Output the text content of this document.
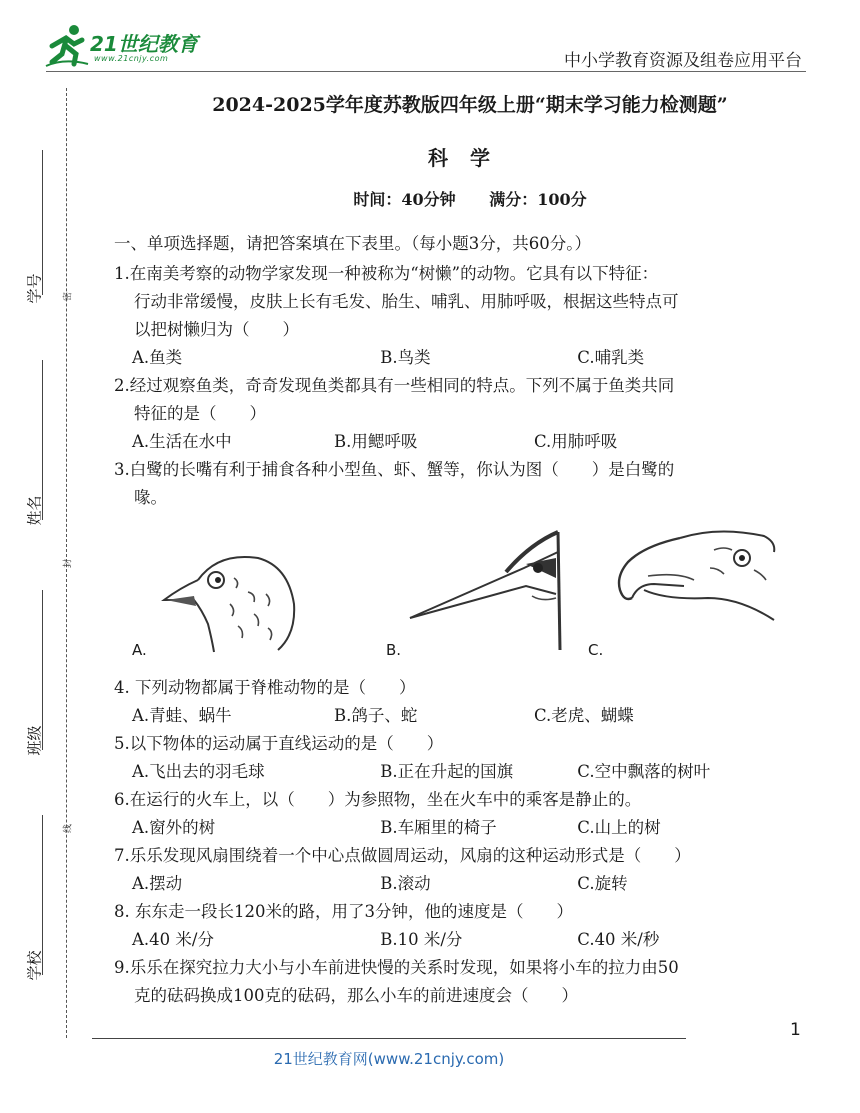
21世纪教育
www.21cnjy.com	中小学教育资源及组卷应用平台
学号
姓名
班级
学校
密
封
线
2024-2025学年度苏教版四年级上册“期末学习能力检测题”
科学
时间：40分钟 满分：100分
一、单项选择题，请把答案填在下表里。（每小题3分，共60分。）
1.在南美考察的动物学家发现一种被称为“树懒”的动物。它具有以下特征：
行动非常缓慢，皮肤上长有毛发、胎生、哺乳、用肺呼吸，根据这些特点可
以把树懒归为（　　）
A.鱼类	B.鸟类	C.哺乳类
2.经过观察鱼类，奇奇发现鱼类都具有一些相同的特点。下列不属于鱼类共同
特征的是（　　）
A.生活在水中	B.用鳃呼吸	C.用肺呼吸
3.白鹭的长嘴有利于捕食各种小型鱼、虾、蟹等，你认为图（　　）是白鹭的
喙。
A.	B.	C.
4. 下列动物都属于脊椎动物的是（　　）
A.青蛙、蜗牛	B.鸽子、蛇	C.老虎、蝴蝶
5.以下物体的运动属于直线运动的是（　　）
A.飞出去的羽毛球	B.正在升起的国旗	C.空中飘落的树叶
6.在运行的火车上，以（　　）为参照物，坐在火车中的乘客是静止的。
A.窗外的树	B.车厢里的椅子	C.山上的树
7.乐乐发现风扇围绕着一个中心点做圆周运动，风扇的这种运动形式是（　　）
A.摆动	B.滚动	C.旋转
8. 东东走一段长120米的路，用了3分钟，他的速度是（　　）
A.40 米/分	B.10 米/分	C.40 米/秒
9.乐乐在探究拉力大小与小车前进快慢的关系时发现，如果将小车的拉力由50
克的砝码换成100克的砝码，那么小车的前进速度会（　　）
1
21世纪教育网(www.21cnjy.com)
